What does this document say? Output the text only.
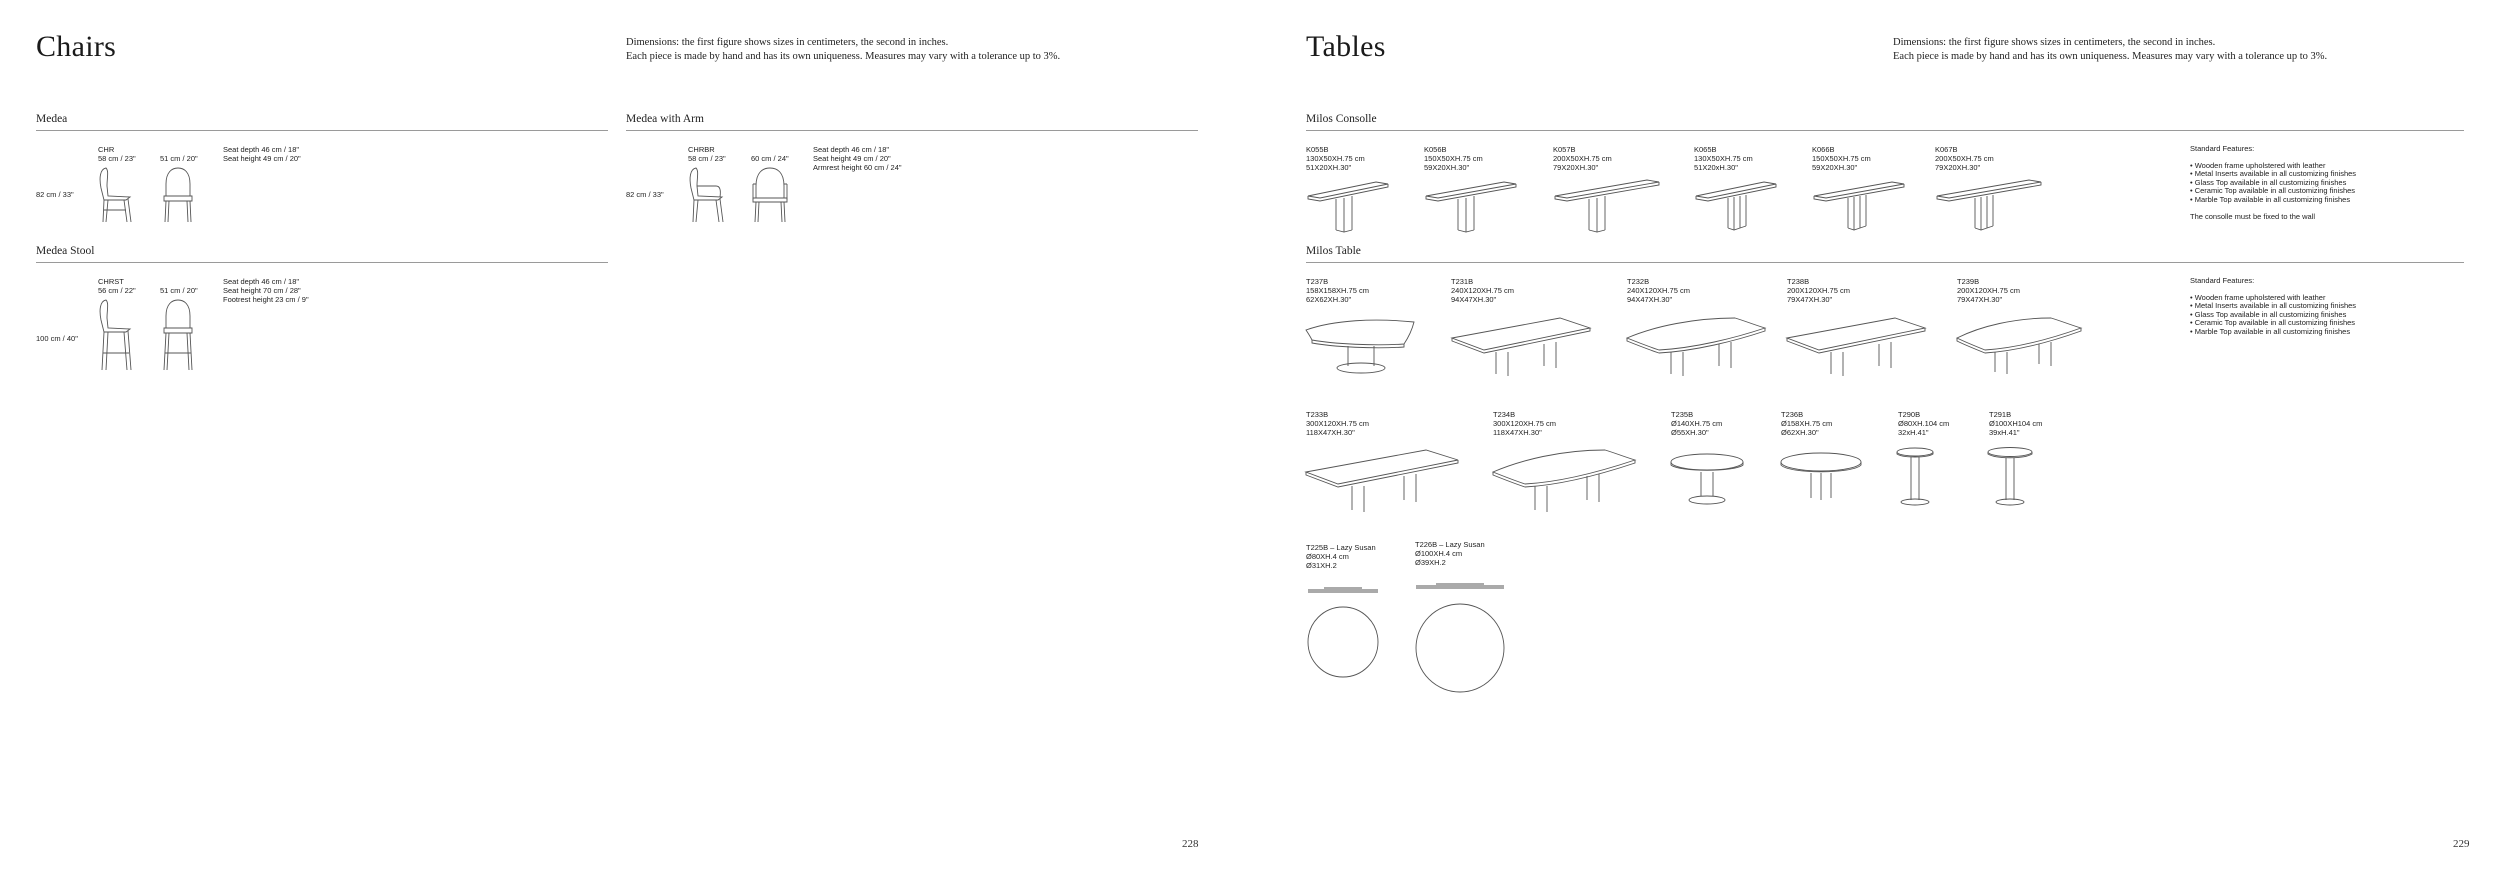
Chairs	Dimensions: the first figure shows sizes in centimeters, the second in inches.
Each piece is made by hand and has its own uniqueness. Measures may vary with a tolerance up to 3%.
Medea
CHR
58 cm / 23"	51 cm / 20"
Seat depth 46 cm / 18"
Seat height 49 cm / 20"
82 cm / 33"
Medea with Arm
CHRBR
58 cm / 23"	60 cm / 24"
Seat depth 46 cm / 18"
Seat height 49 cm / 20"
Armrest height 60 cm / 24"
82 cm / 33"
Medea Stool
CHRST
56 cm / 22"	51 cm / 20"
Seat depth 46 cm / 18"
Seat height 70 cm / 28"
Footrest height 23 cm / 9"
100 cm / 40"
228
Tables	Dimensions: the first figure shows sizes in centimeters, the second in inches.
Each piece is made by hand and has its own uniqueness. Measures may vary with a tolerance up to 3%.
Milos Consolle
K055B
130X50XH.75 cm
51X20XH.30"
K056B
150X50XH.75 cm
59X20XH.30"
K057B
200X50XH.75 cm
79X20XH.30"
K065B
130X50XH.75 cm
51X20xH.30"
K066B
150X50XH.75 cm
59X20XH.30"
K067B
200X50XH.75 cm
79X20XH.30"
Standard Features:
• Wooden frame upholstered with leather
• Metal Inserts available in all customizing finishes
• Glass Top available in all customizing finishes
• Ceramic Top available in all customizing finishes
• Marble Top available in all customizing finishes
The consolle must be fixed to the wall
Milos Table
T237B
158X158XH.75 cm
62X62XH.30"
T231B
240X120XH.75 cm
94X47XH.30"
T232B
240X120XH.75 cm
94X47XH.30"
T238B
200X120XH.75 cm
79X47XH.30"
T239B
200X120XH.75 cm
79X47XH.30"
Standard Features:
• Wooden frame upholstered with leather
• Metal Inserts available in all customizing finishes
• Glass Top available in all customizing finishes
• Ceramic Top available in all customizing finishes
• Marble Top available in all customizing finishes
T233B
300X120XH.75 cm
118X47XH.30"
T234B
300X120XH.75 cm
118X47XH.30"
T235B
Ø140XH.75 cm
Ø55XH.30"
T236B
Ø158XH.75 cm
Ø62XH.30"
T290B
Ø80XH.104 cm
32xH.41"
T291B
Ø100XH104 cm
39xH.41"
T225B – Lazy Susan
Ø80XH.4 cm
Ø31XH.2
T226B – Lazy Susan
Ø100XH.4 cm
Ø39XH.2
229
